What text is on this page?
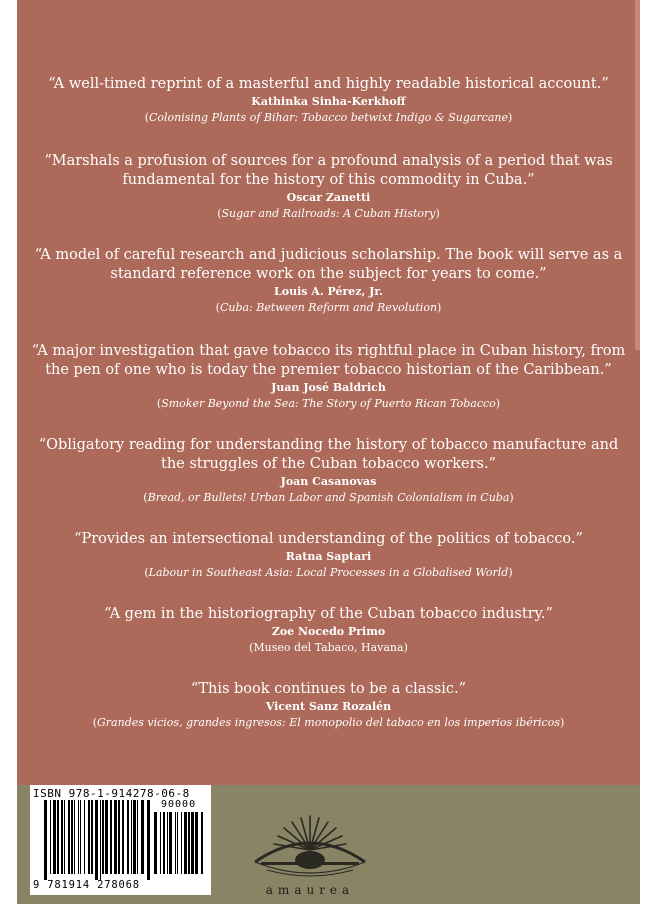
“A well-timed reprint of a masterful and highly readable historical account.”

Kathinka Sinha-Kerkhoff

(Colonising Plants of Bihar: Tobacco betwixt Indigo & Sugarcane)

“Marshals a profusion of sources for a profound analysis of a period that was
fundamental for the history of this commodity in Cuba.”

Oscar Zanetti

(Sugar and Railroads: A Cuban History)

“A model of careful research and judicious scholarship. The book will serve as a
standard reference work on the subject for years to come.”

Louis A. Pérez, Jr.

(Cuba: Between Reform and Revolution)

“A major investigation that gave tobacco its rightful place in Cuban history, from
the pen of one who is today the premier tobacco historian of the Caribbean.”

Juan José Baldrich

(Smoker Beyond the Sea: The Story of Puerto Rican Tobacco)

“Obligatory reading for understanding the history of tobacco manufacture and
the struggles of the Cuban tobacco workers.”

Joan Casanovas

(Bread, or Bullets! Urban Labor and Spanish Colonialism in Cuba)

“Provides an intersectional understanding of the politics of tobacco.”

Ratna Saptari

(Labour in Southeast Asia: Local Processes in a Globalised World)

“A gem in the historiography of the Cuban tobacco industry.”

Zoe Nocedo Primo

(Museo del Tabaco, Havana)

“This book continues to be a classic.”

Vicent Sanz Rozalén

(Grandes vicios, grandes ingresos: El monopolio del tabaco en los imperios ibéricos)

ISBN 978-1-914278-06-8
90000
9 781914 278068	amaurea
